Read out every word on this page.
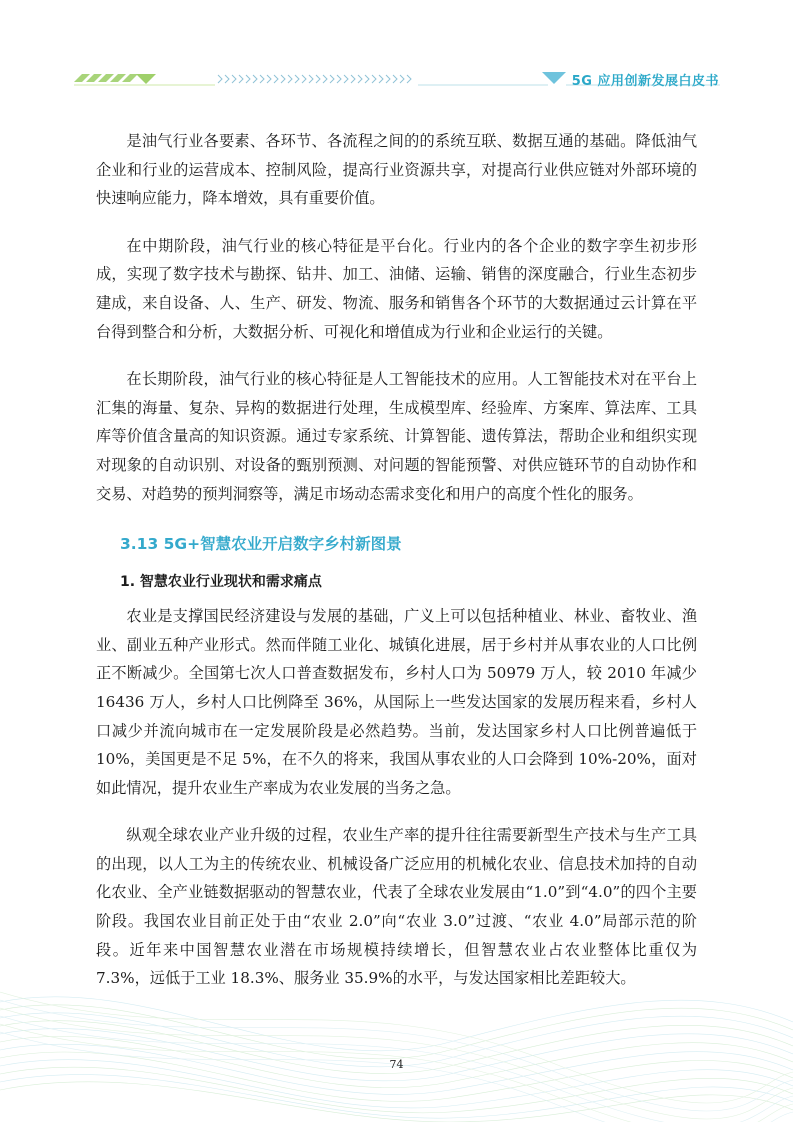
5G 应用创新发展白皮书

是油气行业各要素、各环节、各流程之间的的系统互联、数据互通的基础。降低油气企业和行业的运营成本、控制风险，提高行业资源共享，对提高行业供应链对外部环境的快速响应能力，降本增效，具有重要价值。

在中期阶段，油气行业的核心特征是平台化。行业内的各个企业的数字孪生初步形成，实现了数字技术与勘探、钻井、加工、油储、运输、销售的深度融合，行业生态初步建成，来自设备、人、生产、研发、物流、服务和销售各个环节的大数据通过云计算在平台得到整合和分析，大数据分析、可视化和增值成为行业和企业运行的关键。

在长期阶段，油气行业的核心特征是人工智能技术的应用。人工智能技术对在平台上汇集的海量、复杂、异构的数据进行处理，生成模型库、经验库、方案库、算法库、工具库等价值含量高的知识资源。通过专家系统、计算智能、遗传算法，帮助企业和组织实现对现象的自动识别、对设备的甄别预测、对问题的智能预警、对供应链环节的自动协作和交易、对趋势的预判洞察等，满足市场动态需求变化和用户的高度个性化的服务。

3.13 5G+智慧农业开启数字乡村新图景
1. 智慧农业行业现状和需求痛点

农业是支撑国民经济建设与发展的基础，广义上可以包括种植业、林业、畜牧业、渔业、副业五种产业形式。然而伴随工业化、城镇化进展，居于乡村并从事农业的人口比例正不断减少。全国第七次人口普查数据发布，乡村人口为 50979 万人，较 2010 年减少 16436 万人，乡村人口比例降至 36%，从国际上一些发达国家的发展历程来看，乡村人口减少并流向城市在一定发展阶段是必然趋势。当前，发达国家乡村人口比例普遍低于 10%，美国更是不足 5%，在不久的将来，我国从事农业的人口会降到 10%-20%，面对如此情况，提升农业生产率成为农业发展的当务之急。

纵观全球农业产业升级的过程，农业生产率的提升往往需要新型生产技术与生产工具的出现，以人工为主的传统农业、机械设备广泛应用的机械化农业、信息技术加持的自动化农业、全产业链数据驱动的智慧农业，代表了全球农业发展由“1.0”到“4.0”的四个主要阶段。我国农业目前正处于由“农业 2.0”向“农业 3.0”过渡、“农业 4.0”局部示范的阶段。近年来中国智慧农业潜在市场规模持续增长，但智慧农业占农业整体比重仅为 7.3%，远低于工业 18.3%、服务业 35.9%的水平，与发达国家相比差距较大。

74
